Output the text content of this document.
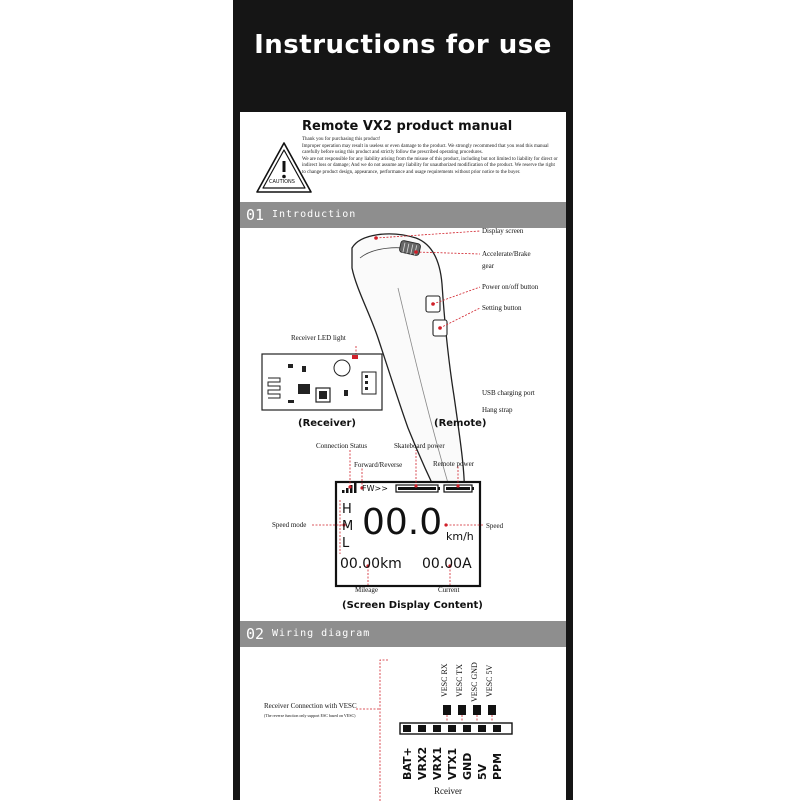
Instructions for use
CAUTIONS
Remote VX2 product manual

Thank you for purchasing this product!

Improper operation may result in useless or even damage to the product. We strongly recommend that you read this manual carefully before using this product and strictly follow the prescribed operating procedures.

We are not responsible for any liability arising from the misuse of this product, including but not limited to liability for direct or indirect loss or damage; And we do not assume any liability for unauthorized modification of the product. We reserve the right to change product design, appearance, performance and usage requirements without prior notice to the buyer.

01 Introduction
Display screen
Accelerate/Brake
gear
Power on/off button
Setting button
USB charging port
Hang strap
Receiver LED light
(Receiver)	(Remote)
Connection Status	Skateboard power
Forward/Reverse	Remote power
Speed mode	Speed
Mileage	Current
FW>>
H
M
L
00.0 km/h
00.00km 00.00A
(Screen Display Content)
02 Wiring diagram
Receiver Connection with VESC
(The reverse function only support ESC based on VESC)
VESC RX VESC TX VESC GND VESC 5V
BAT+ VRX2 VRX1 VTX1 GND 5V PPM
Rceiver
